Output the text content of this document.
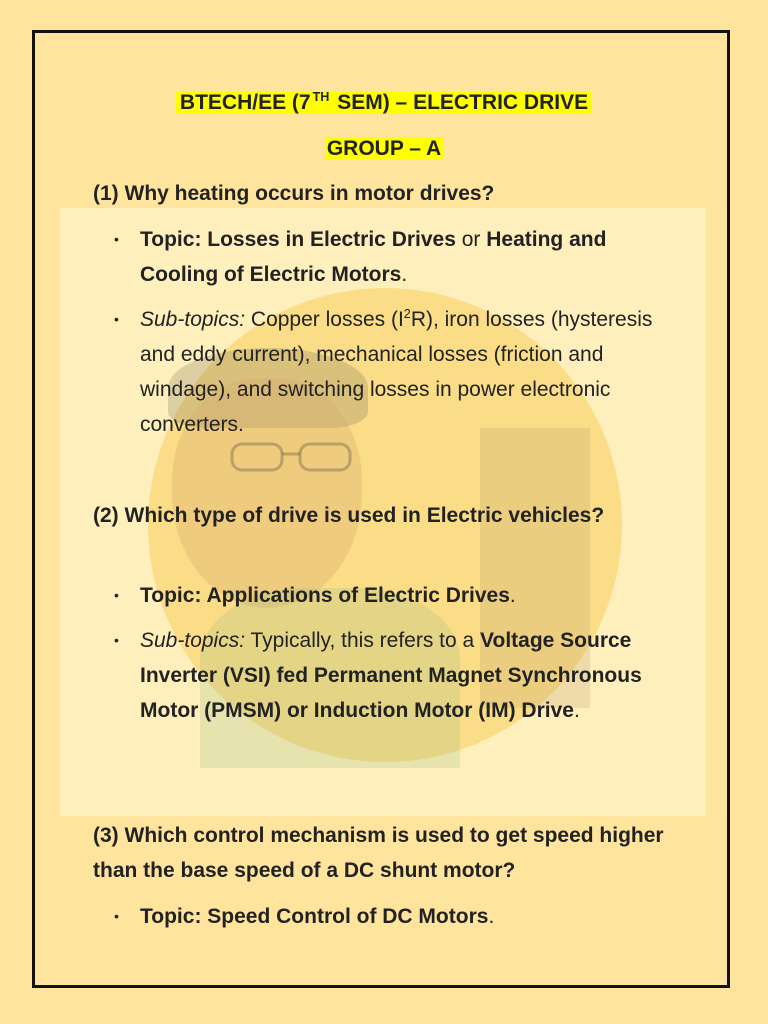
BTECH/EE (7 $^{TH}$ SEM) – ELECTRIC DRIVE
GROUP – A

(1) Why heating occurs in motor drives?

• Topic: Losses in Electric Drives or Heating and Cooling of Electric Motors.
• Sub-topics: Copper losses $(I^2R)$, iron losses (hysteresis and eddy current), mechanical losses (friction and windage), and switching losses in power electronic converters.

(2) Which type of drive is used in Electric vehicles?

• Topic: Applications of Electric Drives.
• Sub-topics: Typically, this refers to a Voltage Source Inverter (VSI) fed Permanent Magnet Synchronous Motor (PMSM) or Induction Motor (IM) Drive.

(3) Which control mechanism is used to get speed higher than the base speed of a DC shunt motor?

• Topic: Speed Control of DC Motors.
